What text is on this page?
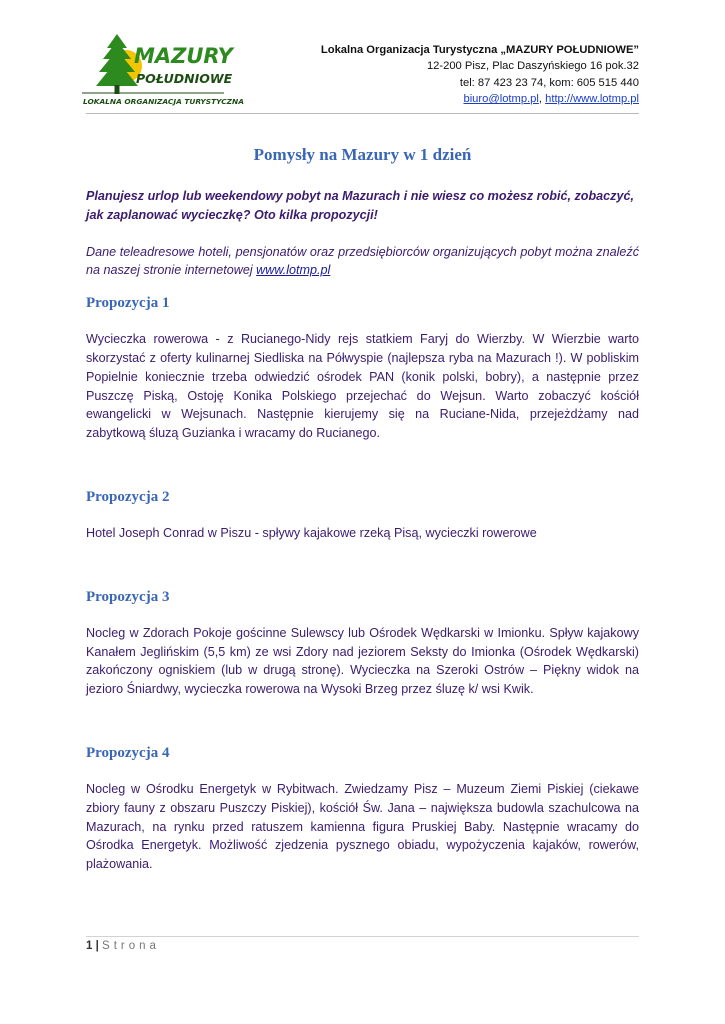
MAZURY
POŁUDNIOWE
LOKALNA ORGANIZACJA TURYSTYCZNA
Lokalna Organizacja Turystyczna „MAZURY POŁUDNIOWE”
12-200 Pisz, Plac Daszyńskiego 16 pok.32
tel: 87 423 23 74, kom: 605 515 440
biuro@lotmp.pl, http://www.lotmp.pl
Pomysły na Mazury w 1 dzień

Planujesz urlop lub weekendowy pobyt na Mazurach i nie wiesz co możesz robić, zobaczyć, jak zaplanować wycieczkę? Oto kilka propozycji!

Dane teleadresowe hoteli, pensjonatów oraz przedsiębiorców organizujących pobyt można znaleźć na naszej stronie internetowej www.lotmp.pl

Propozycja 1

Wycieczka rowerowa - z Rucianego-Nidy rejs statkiem Faryj do Wierzby. W Wierzbie warto skorzystać z oferty kulinarnej Siedliska na Półwyspie (najlepsza ryba na Mazurach !). W pobliskim Popielnie koniecznie trzeba odwiedzić ośrodek PAN (konik polski, bobry), a następnie przez Puszczę Piską, Ostoję Konika Polskiego przejechać do Wejsun. Warto zobaczyć kościół ewangelicki w Wejsunach. Następnie kierujemy się na Ruciane-Nida, przejeżdżamy nad zabytkową śluzą Guzianka i wracamy do Rucianego.

Propozycja 2

Hotel Joseph Conrad w Piszu - spływy kajakowe rzeką Pisą, wycieczki rowerowe

Propozycja 3

Nocleg w Zdorach Pokoje gościnne Sulewscy lub Ośrodek Wędkarski w Imionku. Spływ kajakowy Kanałem Jeglińskim (5,5 km) ze wsi Zdory nad jeziorem Seksty do Imionka (Ośrodek Wędkarski) zakończony ogniskiem (lub w drugą stronę). Wycieczka na Szeroki Ostrów – Piękny widok na jezioro Śniardwy, wycieczka rowerowa na Wysoki Brzeg przez śluzę k/ wsi Kwik.

Propozycja 4

Nocleg w Ośrodku Energetyk w Rybitwach. Zwiedzamy Pisz – Muzeum Ziemi Piskiej (ciekawe zbiory fauny z obszaru Puszczy Piskiej), kościół Św. Jana – największa budowla szachulcowa na Mazurach, na rynku przed ratuszem kamienna figura Pruskiej Baby. Następnie wracamy do Ośrodka Energetyk. Możliwość zjedzenia pysznego obiadu, wypożyczenia kajaków, rowerów, plażowania.

1 | Strona
